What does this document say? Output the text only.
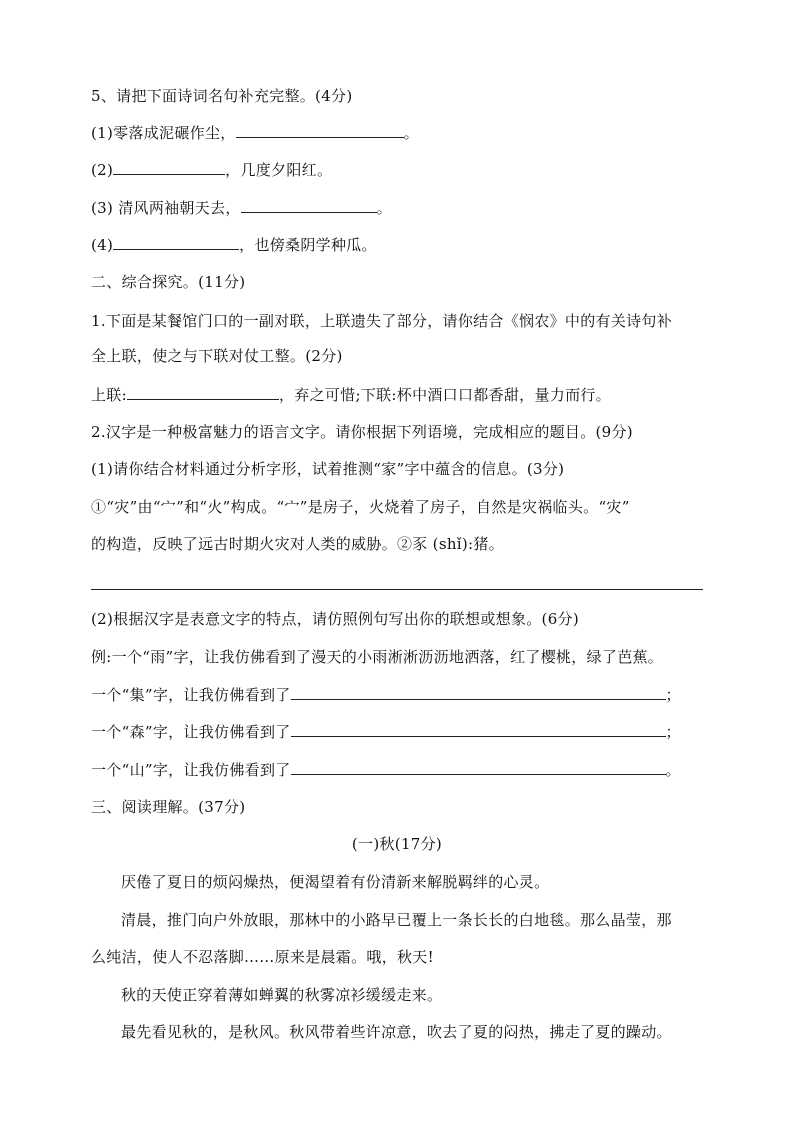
5、请把下面诗词名句补充完整。(4分)
(1)零落成泥碾作尘，	。
(2)	，几度夕阳红。
(3) 清风两袖朝天去，	。
(4)	，也傍桑阴学种瓜。
二、综合探究。(11分)
1.下面是某餐馆门口的一副对联，上联遗失了部分，请你结合《悯农》中的有关诗句补
全上联，使之与下联对仗工整。(2分)
上联:	，弃之可惜;下联:杯中酒口口都香甜，量力而行。
2.汉字是一种极富魅力的语言文字。请你根据下列语境，完成相应的题目。(9分)
(1)请你结合材料通过分析字形，试着推测“家”字中蕴含的信息。(3分)
①“灾”由“宀”和“火”构成。“宀”是房子，火烧着了房子，自然是灾祸临头。“灾”
的构造，反映了远古时期火灾对人类的威胁。②豕 (shǐ):猪。
(2)根据汉字是表意文字的特点，请仿照例句写出你的联想或想象。(6分)
例:一个“雨”字，让我仿佛看到了漫天的小雨淅淅沥沥地洒落，红了樱桃，绿了芭蕉。
一个“集”字，让我仿佛看到了	；
一个“森”字，让我仿佛看到了	；
一个“山”字，让我仿佛看到了	。
三、阅读理解。(37分)
(一)秋(17分)
厌倦了夏日的烦闷燥热，便渴望着有份清新来解脱羁绊的心灵。
清晨，推门向户外放眼，那林中的小路早已覆上一条长长的白地毯。那么晶莹，那
么纯洁，使人不忍落脚……原来是晨霜。哦，秋天!
秋的天使正穿着薄如蝉翼的秋雾凉衫缓缓走来。
最先看见秋的，是秋风。秋风带着些许凉意，吹去了夏的闷热，拂走了夏的躁动。
